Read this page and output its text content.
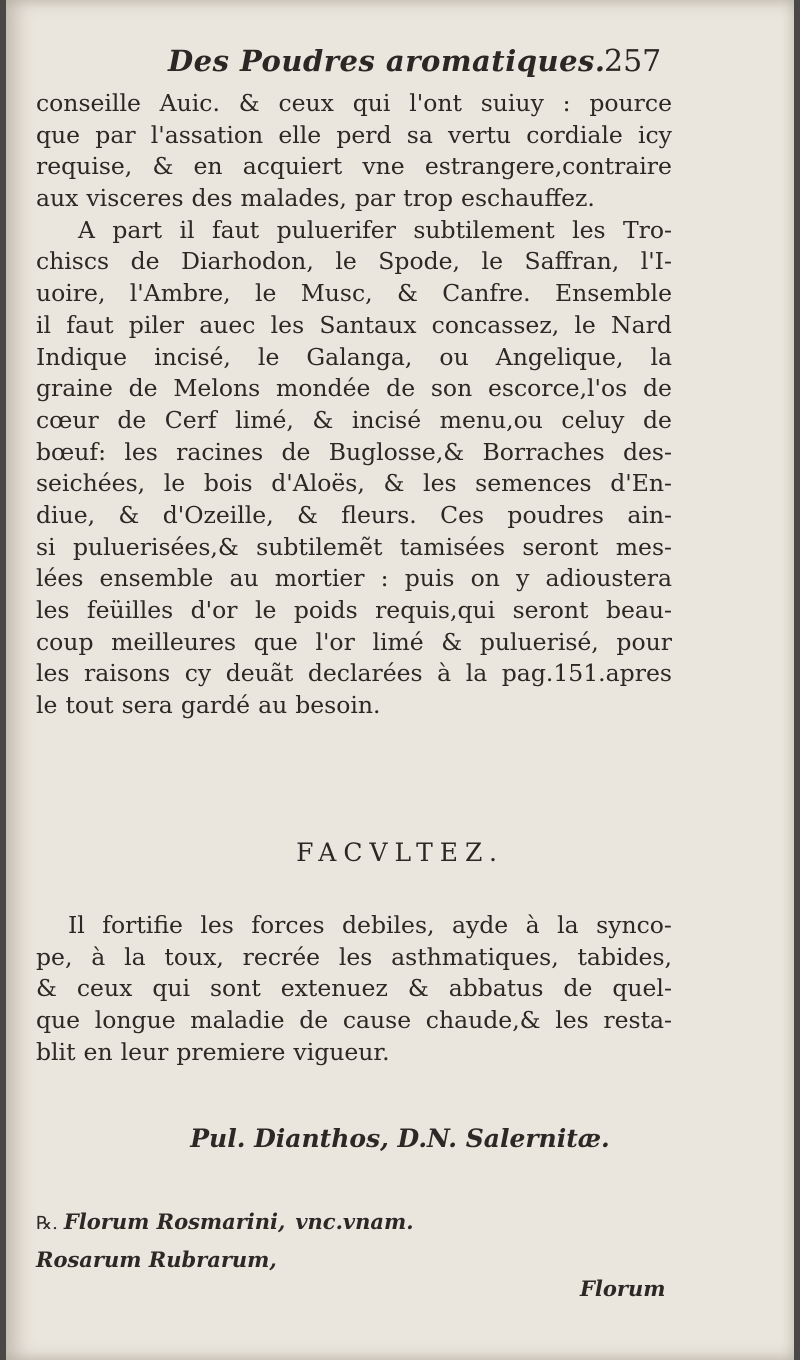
Des Poudres aromatiques.
257
conseille Auic. & ceux qui l'ont suiuy : pource
que par l'assation elle perd sa vertu cordiale icy
requise, & en acquiert vne estrangere,contraire
aux visceres des malades, par trop eschauffez.
A part il faut puluerifer subtilement les Tro-
chiscs de Diarhodon, le Spode, le Saffran, l'I-
uoire, l'Ambre, le Musc, & Canfre. Ensemble
il faut piler auec les Santaux concassez, le Nard
Indique incisé, le Galanga, ou Angelique, la
graine de Melons mondée de son escorce,l'os de
cœur de Cerf limé, & incisé menu,ou celuy de
bœuf: les racines de Buglosse,& Borraches des-
seichées, le bois d'Aloës, & les semences d'En-
diue, & d'Ozeille, & fleurs. Ces poudres ain-
si puluerisées,& subtilemẽt tamisées seront mes-
lées ensemble au mortier : puis on y adioustera
les feüilles d'or le poids requis,qui seront beau-
coup meilleures que l'or limé & puluerisé, pour
les raisons cy deuãt declarées à la pag.151.apres
le tout sera gardé au besoin.
FACVLTEZ.
Il fortifie les forces debiles, ayde à la syncо-
pe, à la toux, recrée les asthmatiques, tabides,
& ceux qui sont extenuez & abbatus de quel-
que longue maladie de cause chaude,& les resta-
blit en leur premiere vigueur.
Pul. Dianthos, D.N. Salernitæ.
℞. Florum Rosmarini, vnc.vnam.
Rosarum Rubrarum,
Florum
